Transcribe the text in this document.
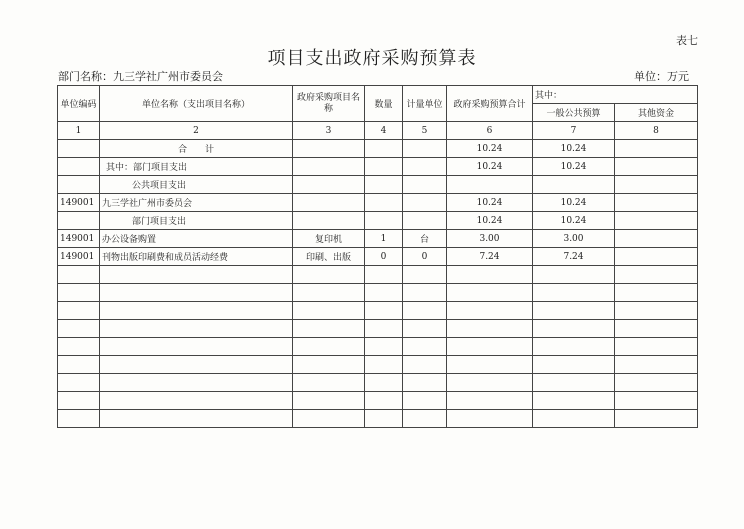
表七
项目支出政府采购预算表
部门名称：九三学社广州市委员会	单位：万元
单位编码	单位名称（支出项目名称）	政府采购项目名称	数量	计量单位	政府采购预算合计	其中：	
						一般公共预算	其他资金
1	2	3	4	5	6	7	8
	合　　计				10.24	10.24	
	其中：部门项目支出				10.24	10.24	
	公共项目支出						
149001	九三学社广州市委员会				10.24	10.24	
	部门项目支出				10.24	10.24	
149001	办公设备购置	复印机	1	台	3.00	3.00	
149001	刊物出版印刷费和成员活动经费	印刷、出版	0	0	7.24	7.24	
